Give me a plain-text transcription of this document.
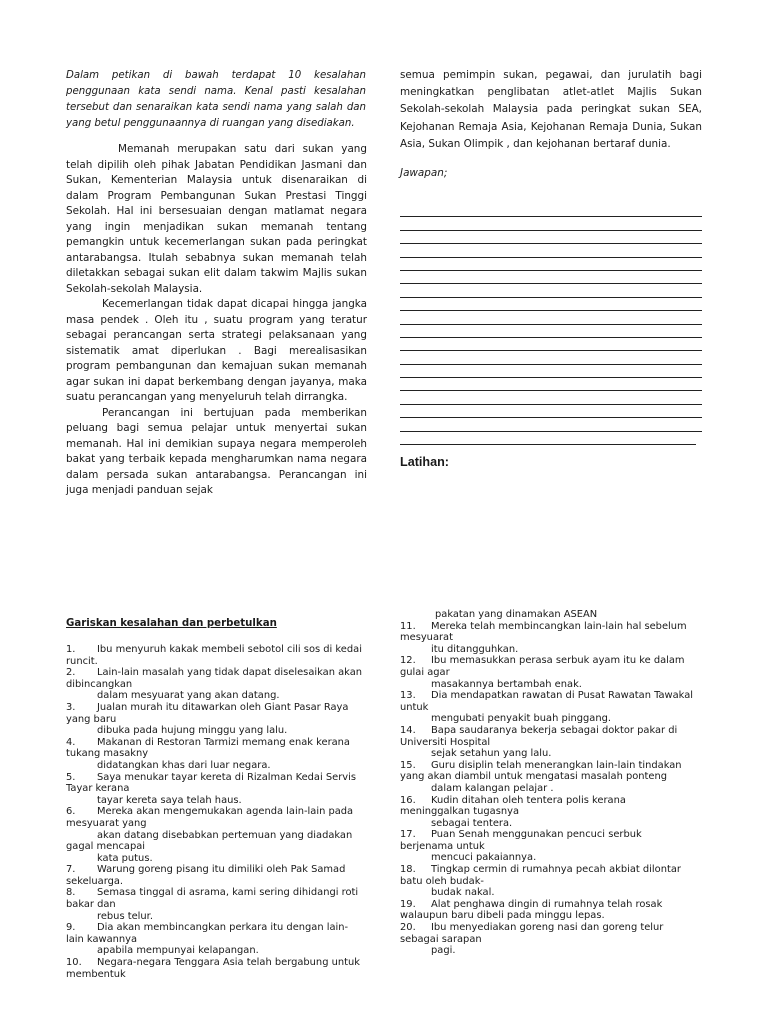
Dalam petikan di bawah terdapat 10 kesalahan penggunaan kata sendi nama. Kenal pasti kesalahan tersebut dan senaraikan kata sendi nama yang salah dan yang betul penggunaannya di ruangan yang disediakan.

Memanah merupakan satu dari sukan yang telah dipilih oleh pihak Jabatan Pendidikan Jasmani dan Sukan, Kementerian Malaysia untuk disenaraikan di dalam Program Pembangunan Sukan Prestasi Tinggi Sekolah. Hal ini bersesuaian dengan matlamat negara yang ingin menjadikan sukan memanah tentang pemangkin untuk kecemerlangan sukan pada peringkat antarabangsa. Itulah sebabnya sukan memanah telah diletakkan sebagai sukan elit dalam takwim Majlis sukan Sekolah-sekolah Malaysia.

Kecemerlangan tidak dapat dicapai hingga jangka masa pendek . Oleh itu , suatu program yang teratur sebagai perancangan serta strategi pelaksanaan yang sistematik amat diperlukan . Bagi merealisasikan program pembangunan dan kemajuan sukan memanah agar sukan ini dapat berkembang dengan jayanya, maka suatu perancangan yang menyeluruh telah dirrangka.

Perancangan ini bertujuan pada memberikan peluang bagi semua pelajar untuk menyertai sukan memanah. Hal ini demikian supaya negara memperoleh bakat yang terbaik kepada mengharumkan nama negara dalam persada sukan antarabangsa. Perancangan ini juga menjadi panduan sejak

semua pemimpin sukan, pegawai, dan jurulatih bagi meningkatkan penglibatan atlet-atlet Majlis Sukan Sekolah-sekolah Malaysia pada peringkat sukan SEA, Kejohanan Remaja Asia, Kejohanan Remaja Dunia, Sukan Asia, Sukan Olimpik , dan kejohanan bertaraf dunia.

Jawapan;
Latihan:
Gariskan kesalahan dan perbetulkan

1. Ibu menyuruh kakak membeli sebotol cili sos di kedai

runcit.

2. Lain-lain masalah yang tidak dapat diselesaikan akan

dibincangkan

dalam mesyuarat yang akan datang.

3. Jualan murah itu ditawarkan oleh Giant Pasar Raya

yang baru

dibuka pada hujung minggu yang lalu.

4. Makanan di Restoran Tarmizi memang enak kerana

tukang masakny

didatangkan khas dari luar negara.

5. Saya menukar tayar kereta di Rizalman Kedai Servis

Tayar kerana

tayar kereta saya telah haus.

6. Mereka akan mengemukakan agenda lain-lain pada

mesyuarat yang

akan datang disebabkan pertemuan yang diadakan

gagal mencapai

kata putus.

7. Warung goreng pisang itu dimiliki oleh Pak Samad

sekeluarga.

8. Semasa tinggal di asrama, kami sering dihidangi roti

bakar dan

rebus telur.

9. Dia akan membincangkan perkara itu dengan lain-

lain kawannya

apabila mempunyai kelapangan.

10. Negara-negara Tenggara Asia telah bergabung untuk

membentuk

pakatan yang dinamakan ASEAN

11. Mereka telah membincangkan lain-lain hal sebelum

mesyuarat

itu ditangguhkan.

12. Ibu memasukkan perasa serbuk ayam itu ke dalam

gulai agar

masakannya bertambah enak.

13. Dia mendapatkan rawatan di Pusat Rawatan Tawakal

untuk

mengubati penyakit buah pinggang.

14. Bapa saudaranya bekerja sebagai doktor pakar di

Universiti Hospital

sejak setahun yang lalu.

15. Guru disiplin telah menerangkan lain-lain tindakan

yang akan diambil untuk mengatasi masalah ponteng

dalam kalangan pelajar .

16. Kudin ditahan oleh tentera polis kerana

meninggalkan tugasnya

sebagai tentera.

17. Puan Senah menggunakan pencuci serbuk

berjenama untuk

mencuci pakaiannya.

18. Tingkap cermin di rumahnya pecah akbiat dilontar

batu oleh budak-

budak nakal.

19. Alat penghawa dingin di rumahnya telah rosak

walaupun baru dibeli pada minggu lepas.

20. Ibu menyediakan goreng nasi dan goreng telur

sebagai sarapan

pagi.
